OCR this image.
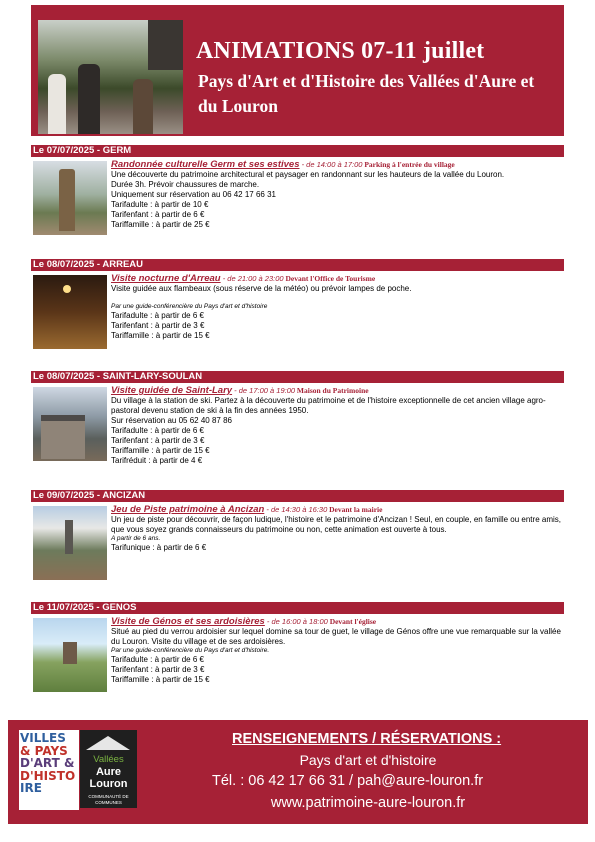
ANIMATIONS 07-11 juillet
Pays d'Art et d'Histoire des Vallées d'Aure et du Louron
Le 07/07/2025 - GERM
Randonnée culturelle Germ et ses estives - de 14:00 à 17:00 Parking à l'entrée du village
Une découverte du patrimoine architectural et paysager en randonnant sur les hauteurs de la vallée du Louron.
Durée 3h. Prévoir chaussures de marche.
Uniquement sur réservation au 06 42 17 66 31
Tarifadulte : à partir de 10 €
Tarifenfant : à partir de 6 €
Tariffamille : à partir de 25 €
Le 08/07/2025 - ARREAU
Visite nocturne d'Arreau - de 21:00 à 23:00 Devant l'Office de Tourisme
Visite guidée aux flambeaux (sous réserve de la météo) ou prévoir lampes de poche.
Par une guide-conférencière du Pays d'art et d'histoire
Tarifadulte : à partir de 6 €
Tarifenfant : à partir de 3 €
Tariffamille : à partir de 15 €
Le 08/07/2025 - SAINT-LARY-SOULAN
Visite guidée de Saint-Lary - de 17:00 à 19:00 Maison du Patrimoine
Du village à la station de ski. Partez à la découverte du patrimoine et de l'histoire exceptionnelle de cet ancien village agro-pastoral devenu station de ski à la fin des années 1950.
Sur réservation au 05 62 40 87 86
Tarifadulte : à partir de 6 €
Tarifenfant : à partir de 3 €
Tariffamille : à partir de 15 €
Tarifréduit : à partir de 4 €
Le 09/07/2025 - ANCIZAN
Jeu de Piste patrimoine à Ancizan - de 14:30 à 16:30 Devant la mairie
Un jeu de piste pour découvrir, de façon ludique, l'histoire et le patrimoine d'Ancizan ! Seul, en couple, en famille ou entre amis, que vous soyez grands connaisseurs du patrimoine ou non, cette animation est ouverte à tous.
A partir de 6 ans.
Tarifunique : à partir de 6 €
Le 11/07/2025 - GENOS
Visite de Génos et ses ardoisières - de 16:00 à 18:00 Devant l'église
Situé au pied du verrou ardoisier sur lequel domine sa tour de guet, le village de Génos offre une vue remarquable sur la vallée du Louron. Visite du village et de ses ardoisières.
Par une guide-conférencière du Pays d'art et d'histoire.
Tarifadulte : à partir de 6 €
Tarifenfant : à partir de 3 €
Tariffamille : à partir de 15 €
VILLES
& PAYS
D'ART &
D'HISTO
IRE
Vallées
Aure
Louron
COMMUNAUTÉ DE COMMUNES
RENSEIGNEMENTS / RÉSERVATIONS :
Pays d'art et d'histoire
Tél. : 06 42 17 66 31 / pah@aure-louron.fr
www.patrimoine-aure-louron.fr
